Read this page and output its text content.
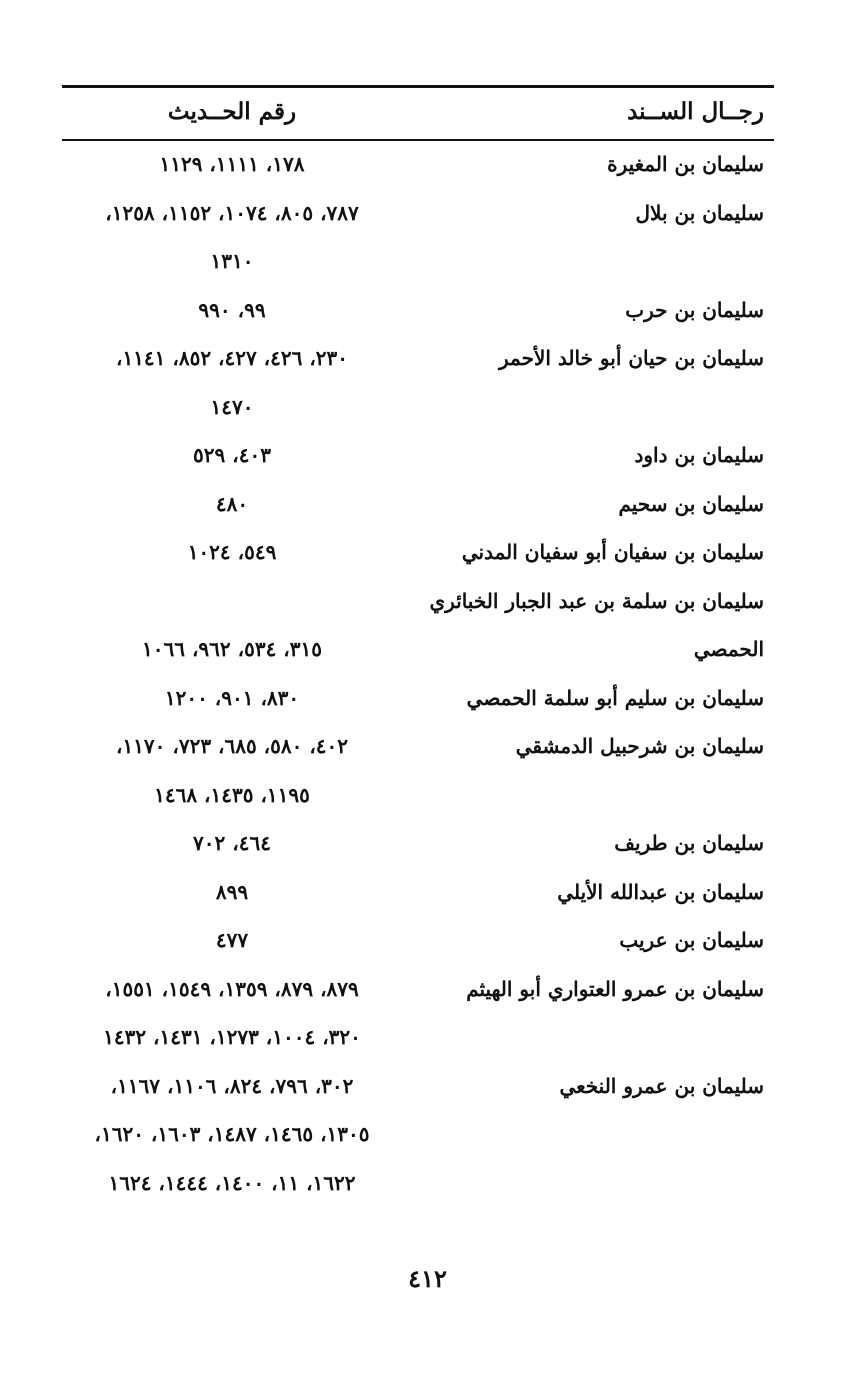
رجــال الســند
رقم الحــديث
سليمان بن المغيرة
١٧٨، ١١١١، ١١٢٩
سليمان بن بلال
٧٨٧، ٨٠٥، ١٠٧٤، ١١٥٢، ١٢٥٨،
١٣١٠
سليمان بن حرب
٩٩، ٩٩٠
سليمان بن حيان أبو خالد الأحمر
٢٣٠، ٤٢٦، ٤٢٧، ٨٥٢، ١١٤١،
١٤٧٠
سليمان بن داود
٤٠٣، ٥٢٩
سليمان بن سحيم
٤٨٠
سليمان بن سفيان أبو سفيان المدني
٥٤٩، ١٠٢٤
سليمان بن سلمة بن عبد الجبار الخبائري
الحمصي
٣١٥، ٥٣٤، ٩٦٢، ١٠٦٦
سليمان بن سليم أبو سلمة الحمصي
٨٣٠، ٩٠١، ١٢٠٠
سليمان بن شرحبيل الدمشقي
٤٠٢، ٥٨٠، ٦٨٥، ٧٢٣، ١١٧٠،
١١٩٥، ١٤٣٥، ١٤٦٨
سليمان بن طريف
٤٦٤، ٧٠٢
سليمان بن عبدالله الأيلي
٨٩٩
سليمان بن عريب
٤٧٧
سليمان بن عمرو العتواري أبو الهيثم
٨٧٩، ٨٧٩، ١٣٥٩، ١٥٤٩، ١٥٥١،
٣٢٠، ١٠٠٤، ١٢٧٣، ١٤٣١، ١٤٣٢
سليمان بن عمرو النخعي
٣٠٢، ٧٩٦، ٨٢٤، ١١٠٦، ١١٦٧،
١٣٠٥، ١٤٦٥، ١٤٨٧، ١٦٠٣، ١٦٢٠،
١٦٢٢، ١١، ١٤٠٠، ١٤٤٤، ١٦٢٤
٤١٢
